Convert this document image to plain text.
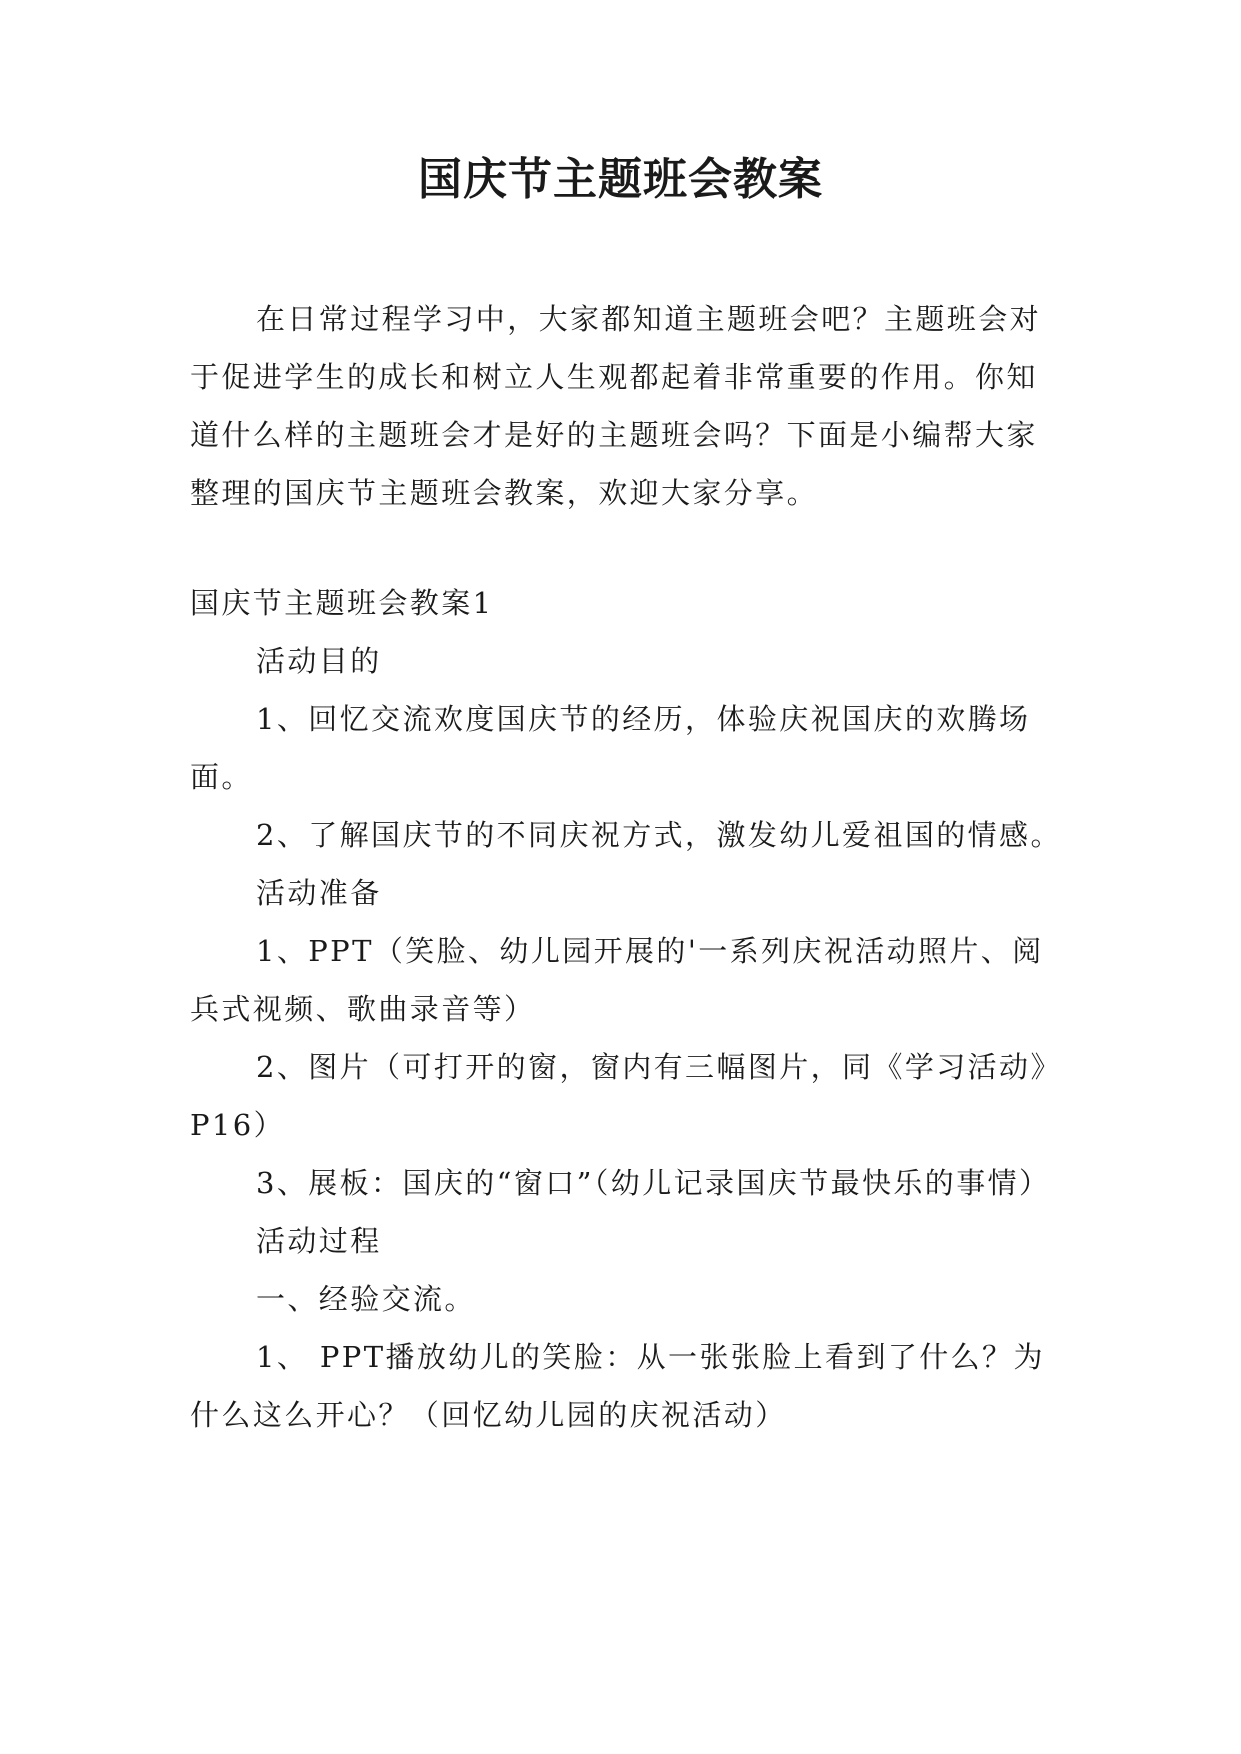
国庆节主题班会教案

在日常过程学习中，大家都知道主题班会吧？主题班会对于促进学生的成长和树立人生观都起着非常重要的作用。你知道什么样的主题班会才是好的主题班会吗？下面是小编帮大家整理的国庆节主题班会教案，欢迎大家分享。

国庆节主题班会教案1

活动目的

1、回忆交流欢度国庆节的经历，体验庆祝国庆的欢腾场面。

2、了解国庆节的不同庆祝方式，激发幼儿爱祖国的情感。

活动准备

1、PPT（笑脸、幼儿园开展的'一系列庆祝活动照片、阅兵式视频、歌曲录音等）

2、图片（可打开的窗，窗内有三幅图片，同《学习活动》P16）

3、展板：国庆的“窗口”（幼儿记录国庆节最快乐的事情）

活动过程

一、经验交流。

1、 PPT播放幼儿的笑脸：从一张张脸上看到了什么？为什么这么开心？（回忆幼儿园的庆祝活动）
